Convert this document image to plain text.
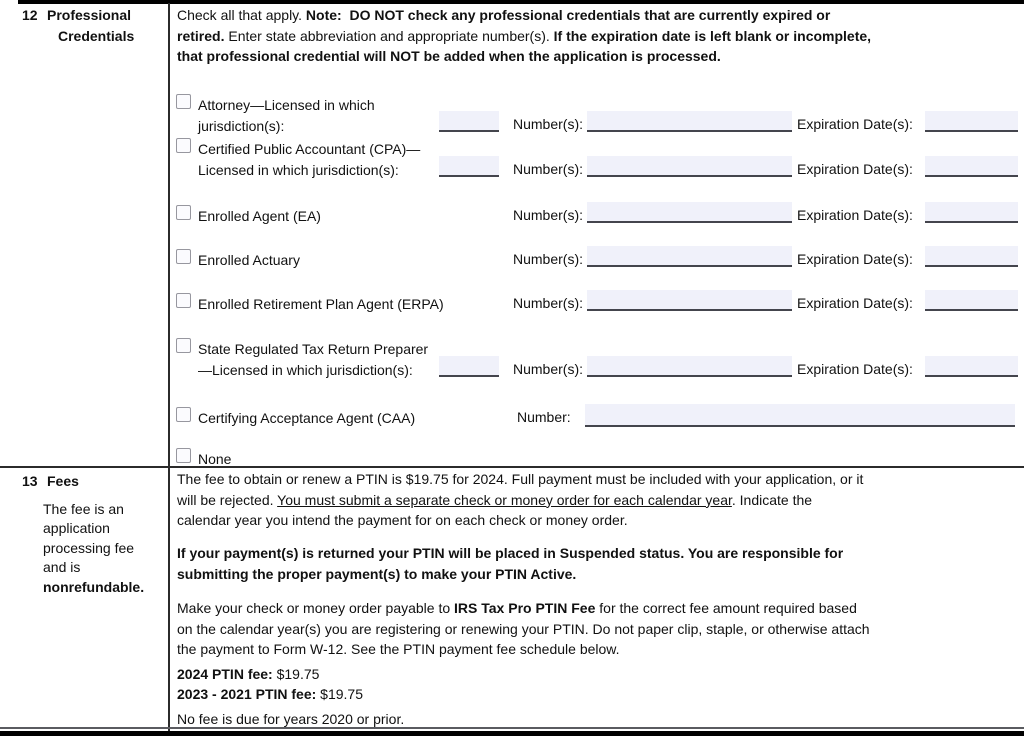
12 Professional
Credentials
Check all that apply. Note:  DO NOT check any professional credentials that are currently expired or
retired. Enter state abbreviation and appropriate number(s). If the expiration date is left blank or incomplete,
that professional credential will NOT be added when the application is processed.
Attorney—Licensed in which
jurisdiction(s):	Number(s):	Expiration Date(s):
Certified Public Accountant (CPA)—
Licensed in which jurisdiction(s):	Number(s):	Expiration Date(s):
Enrolled Agent (EA)	Number(s):	Expiration Date(s):
Enrolled Actuary	Number(s):	Expiration Date(s):
Enrolled Retirement Plan Agent (ERPA)	Number(s):	Expiration Date(s):
State Regulated Tax Return Preparer
—Licensed in which jurisdiction(s):	Number(s):	Expiration Date(s):
Certifying Acceptance Agent (CAA)	Number:
None
13 Fees
The fee is an
application
processing fee
and is
nonrefundable.
The fee to obtain or renew a PTIN is $19.75 for 2024. Full payment must be included with your application, or it
will be rejected. You must submit a separate check or money order for each calendar year. Indicate the
calendar year you intend the payment for on each check or money order.
If your payment(s) is returned your PTIN will be placed in Suspended status. You are responsible for
submitting the proper payment(s) to make your PTIN Active.
Make your check or money order payable to IRS Tax Pro PTIN Fee for the correct fee amount required based
on the calendar year(s) you are registering or renewing your PTIN. Do not paper clip, staple, or otherwise attach
the payment to Form W-12. See the PTIN payment fee schedule below.
2024 PTIN fee: $19.75
2023 - 2021 PTIN fee: $19.75
No fee is due for years 2020 or prior.
